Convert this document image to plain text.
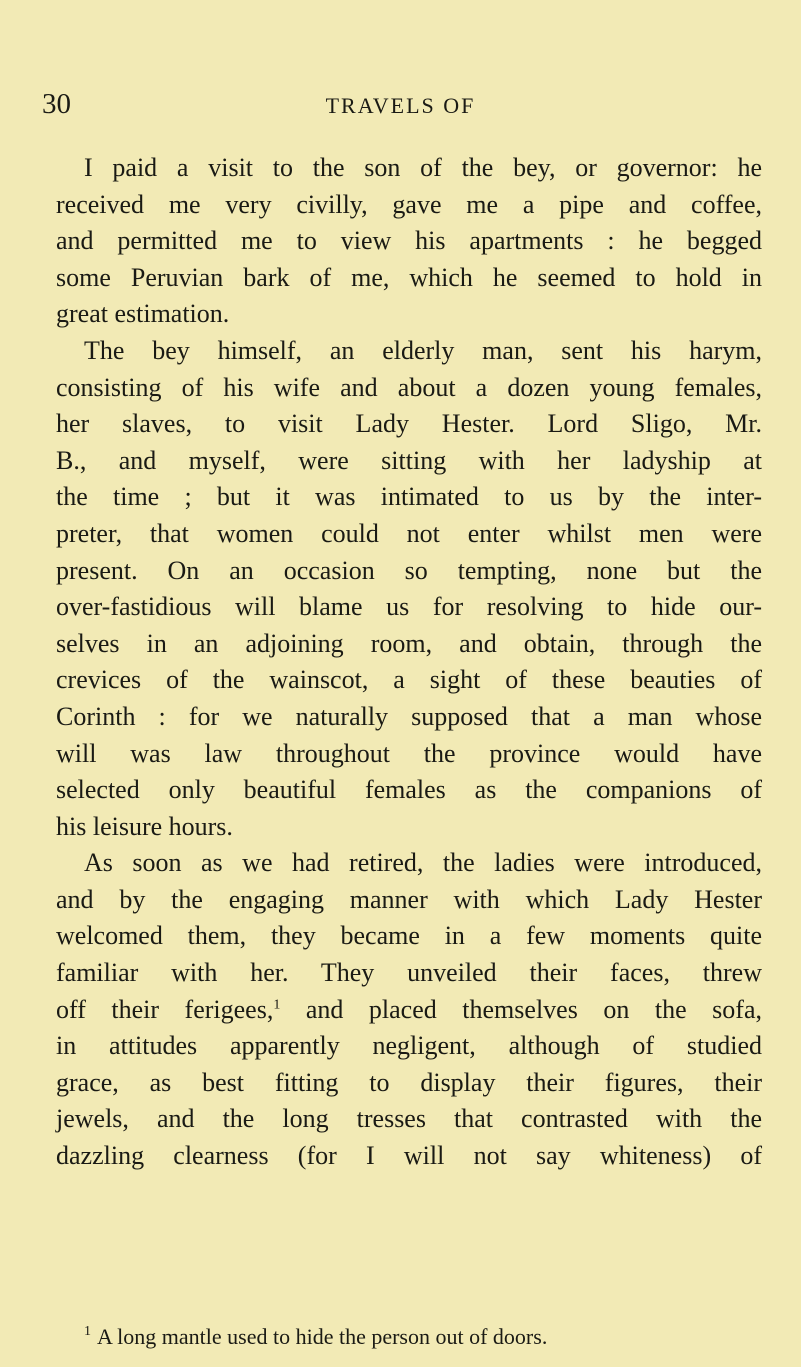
30	TRAVELS OF
I paid a visit to the son of the bey, or governor: he
received me very civilly, gave me a pipe and coffee,
and permitted me to view his apartments : he begged
some Peruvian bark of me, which he seemed to hold in
great estimation.
The bey himself, an elderly man, sent his harym,
consisting of his wife and about a dozen young females,
her slaves, to visit Lady Hester. Lord Sligo, Mr.
B., and myself, were sitting with her ladyship at
the time ; but it was intimated to us by the inter-
preter, that women could not enter whilst men were
present. On an occasion so tempting, none but the
over-fastidious will blame us for resolving to hide our-
selves in an adjoining room, and obtain, through the
crevices of the wainscot, a sight of these beauties of
Corinth : for we naturally supposed that a man whose
will was law throughout the province would have
selected only beautiful females as the companions of
his leisure hours.
As soon as we had retired, the ladies were introduced,
and by the engaging manner with which Lady Hester
welcomed them, they became in a few moments quite
familiar with her. They unveiled their faces, threw
off their ferigees,$^1$ and placed themselves on the sofa,
in attitudes apparently negligent, although of studied
grace, as best fitting to display their figures, their
jewels, and the long tresses that contrasted with the
dazzling clearness (for I will not say whiteness) of
$^1$ A long mantle used to hide the person out of doors.
